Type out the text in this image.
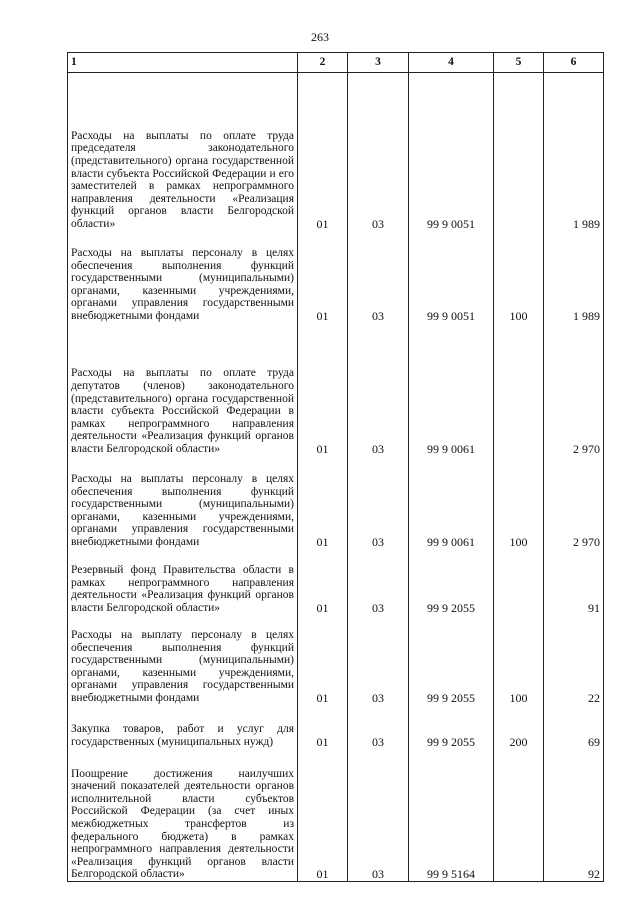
263
1	2	3	4	5	6
Расходы на выплаты по оплате труда председателя законодательного (представительного) органа государственной власти субъекта Российской Федерации и его заместителей в рамках непрограммного направления деятельности «Реализация функций органов власти Белгородской области»	01	03	99 9 0051		1 989
Расходы на выплаты персоналу в целях обеспечения выполнения функций государственными (муниципальными) органами, казенными учреждениями, органами управления государственными внебюджетными фондами	01	03	99 9 0051	100	1 989
Расходы на выплаты по оплате труда депутатов (членов) законодательного (представительного) органа государственной власти субъекта Российской Федерации в рамках непрограммного направления деятельности «Реализация функций органов власти Белгородской области»	01	03	99 9 0061		2 970
Расходы на выплаты персоналу в целях обеспечения выполнения функций государственными (муниципальными) органами, казенными учреждениями, органами управления государственными внебюджетными фондами	01	03	99 9 0061	100	2 970
Резервный фонд Правительства области в рамках непрограммного направления деятельности «Реализация функций органов власти Белгородской области»	01	03	99 9 2055		91
Расходы на выплату персоналу в целях обеспечения выполнения функций государственными (муниципальными) органами, казенными учреждениями, органами управления государственными внебюджетными фондами	01	03	99 9 2055	100	22
Закупка товаров, работ и услуг для государственных (муниципальных нужд)	01	03	99 9 2055	200	69
Поощрение достижения наилучших значений показателей деятельности органов исполнительной власти субъектов Российской Федерации (за счет иных межбюджетных трансфертов из федерального бюджета) в рамках непрограммного направления деятельности «Реализация функций органов власти Белгородской области»	01	03	99 9 5164		92
